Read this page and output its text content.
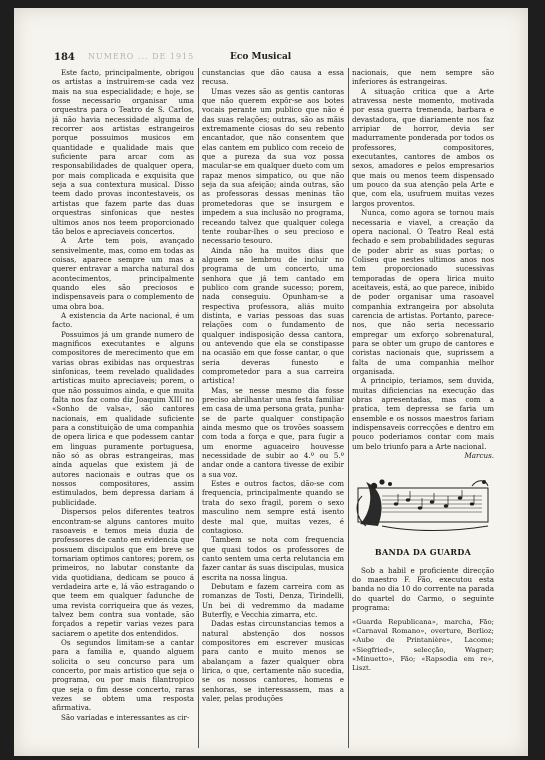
184 NUMERO ... DE 1915	Eco Musical

Este facto, principalmente, obrigou os artistas a instruirem-se cada vez mais na sua especialidade; e hoje, se fosse necessario organisar uma orquestra para o Teatro de S. Carlos, já não havia necessidade alguma de recorrer aos artistas estrangeiros porque possuimos musicos em quantidade e qualidade mais que suficiente para arcar com as responsabilidades de qualquer opera, por mais complicada e exquisita que seja a sua contextura musical. Disso teem dado provas incontestaveis, os artistas que fazem parte das duas orquestras sinfonicas que nestes ultimos anos nos teem proporcionado tão belos e apreciaveis concertos.

A Arte tem pois, avançado sensivelmente, mas, como em todas as coisas, aparece sempre um mas a querer entravar a marcha natural dos acontecimentos, principalmente quando eles são preciosos e indispensaveis para o complemento de uma obra boa.

A existencia da Arte nacional, é um facto.

Possuimos já um grande numero de magnificos executantes e alguns compositores de merecimento que em varias obras exibidas nas orquestras sinfonicas, teem revelado qualidades artisticas muito apreciaveis; porem, o que não possuimos ainda, e que muita falta nos faz como diz Joaquim XIII no «Sonho de valsa», são cantores nacionais, em qualidade suficiente para a constituição de uma companhia de opera lirica e que podessem cantar em linguas puramente portuguesa, não só as obras estrangeiras, mas ainda aquelas que existem já de autores nacionais e outras que os nossos compositores, assim estimulados, bem depressa dariam á publicidade.

Dispersos pelos diferentes teatros encontram-se alguns cantores muito rasoaveis e temos meia duzia de professores de canto em evidencia que possuem discipulos que em breve se tornariam optimos cantores; porem, os primeiros, no labutar constante da vida quotidiana, dedicam se pouco á verdadeira arte e, lá vão estragando o que teem em qualquer fadunche de uma revista corriqueira que ás vezes, talvez bem contra sua vontade, são forçados a repetir varias vezes para saciarem o apetite dos entendidos.

Os segundos limitam-se a cantar para a familia e, quando alguem solicita o seu concurso para um concerto, por mais artistico que seja o programa, ou por mais filantropico que seja o fim desse concerto, raras vezes se obtem uma resposta afirmativa.

São variadas e interessantes as cir-

cunstancias que dão causa a essa recusa.

Umas vezes são as gentis cantoras que não querem expôr-se aos botes vocais perante um publico que não é das suas relações; outras, são as mãis extremamente ciosas do seu rebento encantador, que não consentem que elas cantem em publico com receio de que a pureza da sua voz possa macular-se em qualquer dueto com um rapaz menos simpatico, ou que não seja da sua afeição; ainda outras, são as professoras dessas meninas tão prometedoras que se insurgem e impedem a sua inclusão no programa, receando talvez que qualquer colega tente roubar-lhes o seu precioso e necessario tesouro.

Ainda não ha muitos dias que alguem se lembrou de incluir no programa de um concerto, uma senhora que já tem cantado em publico com grande sucesso; porem, nada conseguiu. Opunham-se a respectiva professora, aliás muito distinta, e varias pessoas das suas relações com o fundamento de qualquer indisposição dessa cantora, ou antevendo que ela se constipasse na ocasião em que fosse cantar, o que seria deveras funesto e comprometedor para a sua carreira artistica!

Mas, se nesse mesmo dia fosse preciso abrilhantar uma festa familiar em casa de uma persona grata, punha-se de parte qualquer constipação ainda mesmo que os trovões soassem com toda a força e que, para fugir a um enorme aguaceiro houvesse necessidade de subir ao 4.º ou 5.º andar onde a cantora tivesse de exibir a sua voz.

Estes e outros factos, dão-se com frequencia, principalmente quando se trata do sexo fragil, porem o sexo masculino nem sempre está isento deste mal que, muitas vezes, é contagioso.

Tambem se nota com frequencia que quasi todos os professores de canto sentem uma certa relutancia em fazer cantar ás suas discipulas, musica escrita na nossa lingua.

Debutam e fazem carreira com as romanzas de Tosti, Denza, Tirindelli, Un bei di vedremmo da madame Buterfly, e Vecchia zimarra, etc.

Dadas estas circunstancias temos a natural abstenção dos nossos compositores em escrever musicas para canto e muito menos se abalançam a fazer qualquer obra lirica, o que, certamente não sucedia, se os nossos cantores, homens e senhoras, se interessassem, mas a valer, pelas produções

nacionais, que nem sempre são inferiores ás estrangeiras.

A situação critica que a Arte atravessa neste momento, motivada por essa guerra tremenda, barbara e devastadora, que diariamente nos faz arripiar de horror, devia ser madurramente ponderada por todos os professores, compositores, executantes, cantores de ambos os sexos, amadores e pelos empresarios que mais ou menos teem dispensado um pouco da sua atenção pela Arte e que, com ela, usufruem muitas vezes largos proventos.

Nunca, como agora se tornou mais necessaria e viavel, a creação da opera nacional. O Teatro Real está fechado e sem probabilidades seguras de poder abrir as suas portas; o Coliseu que nestes ultimos anos nos tem proporcionado sucessivas temporadas de opera lirica muito aceitaveis, está, ao que parece, inibido de poder organisar uma rasoavel companhia extrangeira por absoluta carencia de artistas. Portanto, parece-nos, que não seria necessario empregar um exforço sobrenatural, para se obter um grupo de cantores e coristas nacionais que, suprissem a falta de uma companhia melhor organisada.

A principio, teriamos, sem duvida, muitas dificiencias na execução das obras apresentadas, mas com a pratica, tem depressa se faria um ensemble e os nossos maestros fariam indispensaveis correcções e dentro em pouco poderiamos contar com mais um belo triunfo para a Arte nacional.

Marcus.

BANDA DA GUARDA

Sob a habil e proficiente direcção do maestro F. Fão, executou esta banda no dia 10 do corrente na parada do quartel do Carmo, o seguinte programa:

«Guarda Republicana», marcha, Fão; «Carnaval Romano», overture, Berlioz; «Aube de Printanière», Lacome; «Siegfried», selecção, Wagner; «Minuetto», Fão; «Rapsodia em re», Liszt.
